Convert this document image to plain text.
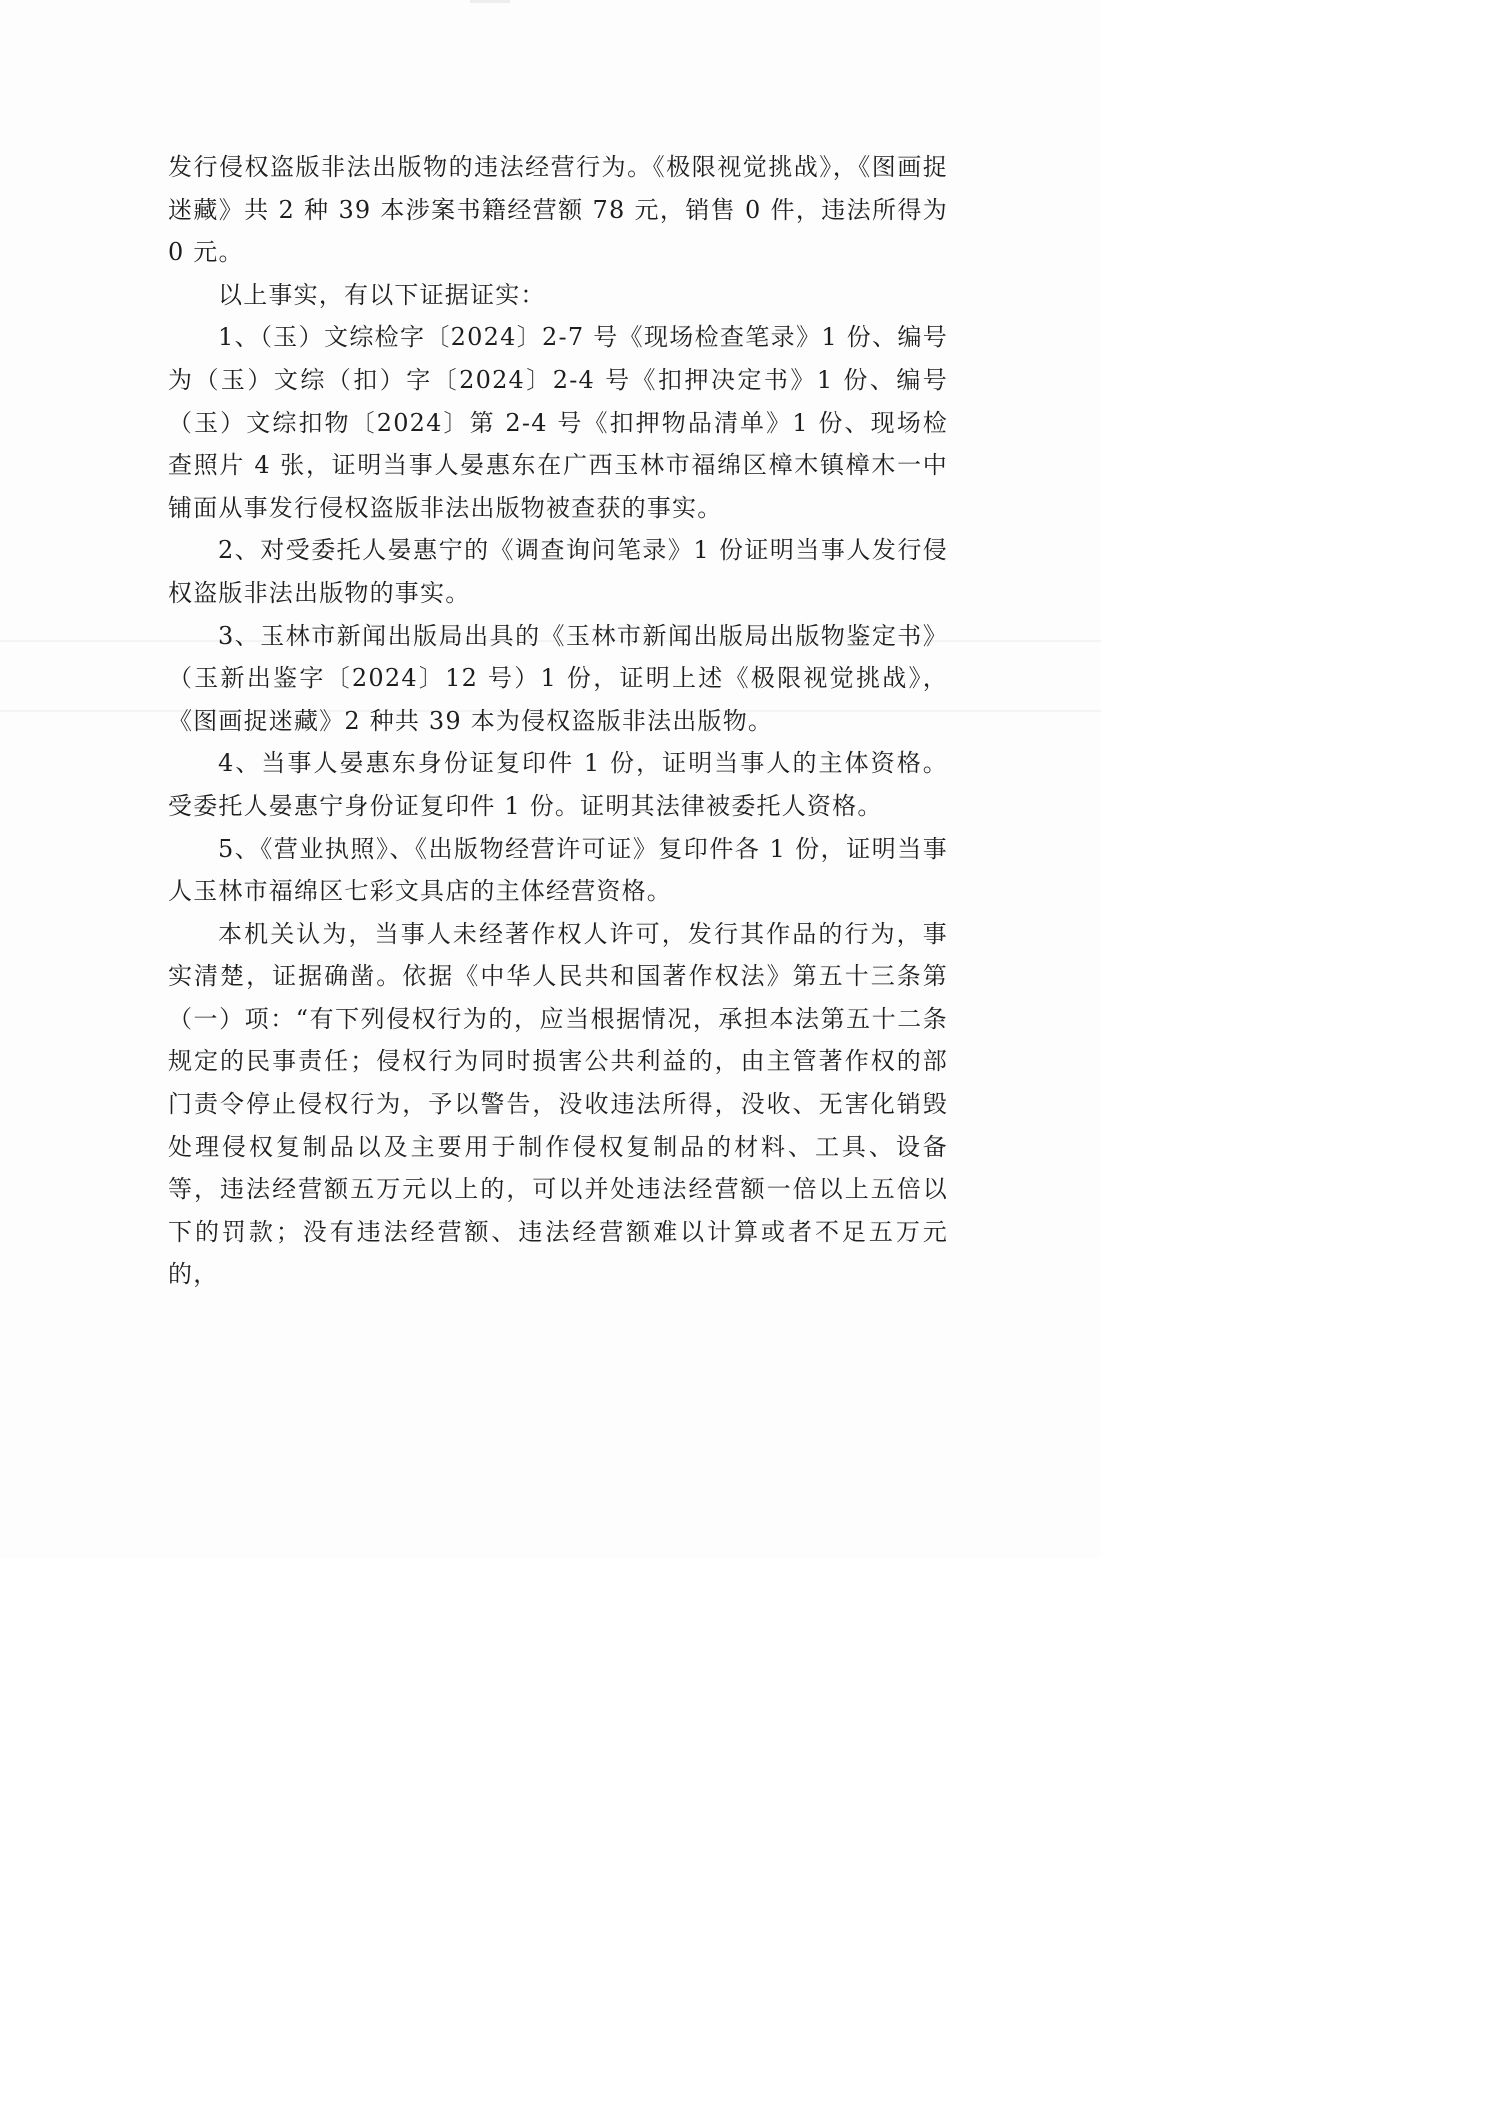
发行侵权盗版非法出版物的违法经营行为。《极限视觉挑战》，《图画捉迷藏》共 2 种 39 本涉案书籍经营额 78 元，销售 0 件，违法所得为 0 元。

以上事实，有以下证据证实：

1、（玉）文综检字〔2024〕2-7 号《现场检查笔录》1 份、编号为（玉）文综（扣）字〔2024〕2-4 号《扣押决定书》1 份、编号（玉）文综扣物〔2024〕第 2-4 号《扣押物品清单》1 份、现场检查照片 4 张，证明当事人晏惠东在广西玉林市福绵区樟木镇樟木一中铺面从事发行侵权盗版非法出版物被查获的事实。

2、对受委托人晏惠宁的《调查询问笔录》1 份证明当事人发行侵权盗版非法出版物的事实。

3、玉林市新闻出版局出具的《玉林市新闻出版局出版物鉴定书》（玉新出鉴字〔2024〕12 号）1 份，证明上述《极限视觉挑战》，《图画捉迷藏》2 种共 39 本为侵权盗版非法出版物。

4、当事人晏惠东身份证复印件 1 份，证明当事人的主体资格。受委托人晏惠宁身份证复印件 1 份。证明其法律被委托人资格。

5、《营业执照》、《出版物经营许可证》复印件各 1 份，证明当事人玉林市福绵区七彩文具店的主体经营资格。

本机关认为，当事人未经著作权人许可，发行其作品的行为，事实清楚，证据确凿。依据《中华人民共和国著作权法》第五十三条第（一）项：“有下列侵权行为的，应当根据情况，承担本法第五十二条规定的民事责任；侵权行为同时损害公共利益的，由主管著作权的部门责令停止侵权行为，予以警告，没收违法所得，没收、无害化销毁处理侵权复制品以及主要用于制作侵权复制品的材料、工具、设备等，违法经营额五万元以上的，可以并处违法经营额一倍以上五倍以下的罚款；没有违法经营额、违法经营额难以计算或者不足五万元的，
